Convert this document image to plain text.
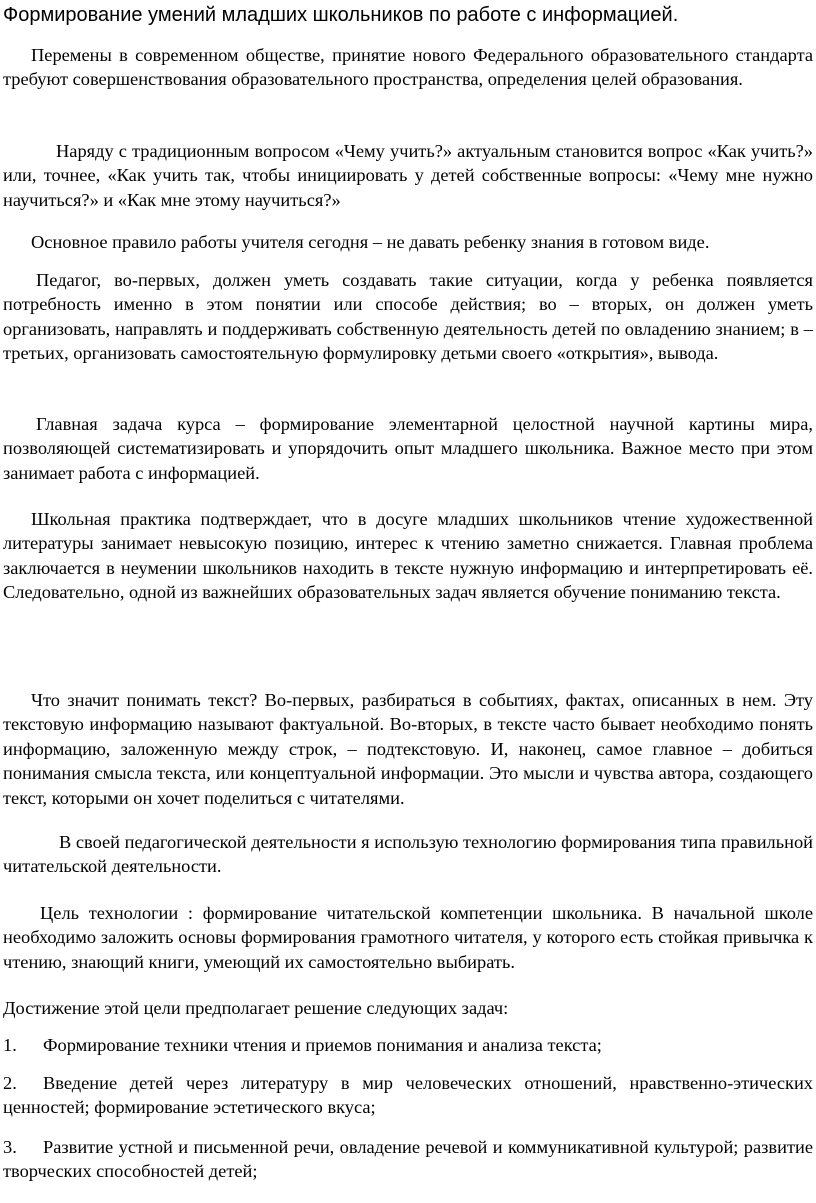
Формирование умений младших школьников по работе с информацией.

Перемены в современном обществе, принятие нового Федерального образовательного стандарта требуют совершенствования образовательного пространства, определения целей образования.

Наряду с традиционным вопросом «Чему учить?» актуальным становится вопрос «Как учить?» или, точнее, «Как учить так, чтобы инициировать у детей собственные вопросы: «Чему мне нужно научиться?» и «Как мне этому научиться?»

Основное правило работы учителя сегодня – не давать ребенку знания в готовом виде.

Педагог, во-первых, должен уметь создавать такие ситуации, когда у ребенка появляется потребность именно в этом понятии или способе действия; во – вторых, он должен уметь организовать, направлять и поддерживать собственную деятельность детей по овладению знанием; в – третьих, организовать самостоятельную формулировку детьми своего «открытия», вывода.

Главная задача курса – формирование элементарной целостной научной картины мира, позволяющей систематизировать и упорядочить опыт младшего школьника. Важное место при этом занимает работа с информацией.

Школьная практика подтверждает, что в досуге младших школьников чтение художественной литературы занимает невысокую позицию, интерес к чтению заметно снижается. Главная проблема заключается в неумении школьников находить в тексте нужную информацию и интерпретировать её. Следовательно, одной из важнейших образовательных задач является обучение пониманию текста.

Что значит понимать текст? Во-первых, разбираться в событиях, фактах, описанных в нем. Эту текстовую информацию называют фактуальной. Во-вторых, в тексте часто бывает необходимо понять информацию, заложенную между строк, – подтекстовую. И, наконец, самое главное – добиться понимания смысла текста, или концептуальной информации. Это мысли и чувства автора, создающего текст, которыми он хочет поделиться с читателями.

В своей педагогической деятельности я использую технологию формирования типа правильной читательской деятельности.

Цель технологии : формирование читательской компетенции школьника. В начальной школе необходимо заложить основы формирования грамотного читателя, у которого есть стойкая привычка к чтению, знающий книги, умеющий их самостоятельно выбирать.

Достижение этой цели предполагает решение следующих задач:

1. Формирование техники чтения и приемов понимания и анализа текста;

2. Введение детей через литературу в мир человеческих отношений, нравственно-этических ценностей; формирование эстетического вкуса;

3. Развитие устной и письменной речи, овладение речевой и коммуникативной культурой; развитие творческих способностей детей;
